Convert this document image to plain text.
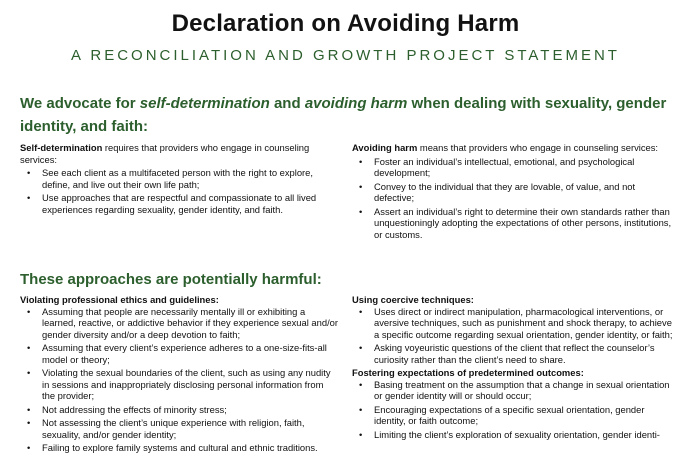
Declaration on Avoiding Harm
A RECONCILIATION AND GROWTH PROJECT STATEMENT
We advocate for self-determination and avoiding harm when dealing with sexuality, gender identity, and faith:

Self-determination requires that providers who engage in counseling services:

• See each client as a multifaceted person with the right to explore, define, and live out their own life path;
• Use approaches that are respectful and compassionate to all lived experiences regarding sexuality, gender identity, and faith.

Avoiding harm means that providers who engage in counseling services:

• Foster an individual’s intellectual, emotional, and psychological development;
• Convey to the individual that they are lovable, of value, and not defective;
• Assert an individual’s right to determine their own standards rather than unquestioningly adopting the expectations of other persons, institutions, or customs.
These approaches are potentially harmful:

Violating professional ethics and guidelines:

• Assuming that people are necessarily mentally ill or exhibiting a learned, reactive, or addictive behavior if they experience sexual and/or gender diversity and/or a deep devotion to faith;
• Assuming that every client’s experience adheres to a one-size-fits-all model or theory;
• Violating the sexual boundaries of the client, such as using any nudity in sessions and inappropriately disclosing personal information from the provider;
• Not addressing the effects of minority stress;
• Not assessing the client’s unique experience with religion, faith, sexuality, and/or gender identity;
• Failing to explore family systems and cultural and ethnic traditions.

Using coercive techniques:

• Uses direct or indirect manipulation, pharmacological interventions, or aversive techniques, such as punishment and shock therapy, to achieve a specific outcome regarding sexual orientation, gender identity, or faith;
• Asking voyeuristic questions of the client that reflect the counselor’s curiosity rather than the client’s need to share.

Fostering expectations of predetermined outcomes:

• Basing treatment on the assumption that a change in sexual orientation or gender identity will or should occur;
• Encouraging expectations of a specific sexual orientation, gender identity, or faith outcome;
• Limiting the client’s exploration of sexuality orientation, gender identi-
